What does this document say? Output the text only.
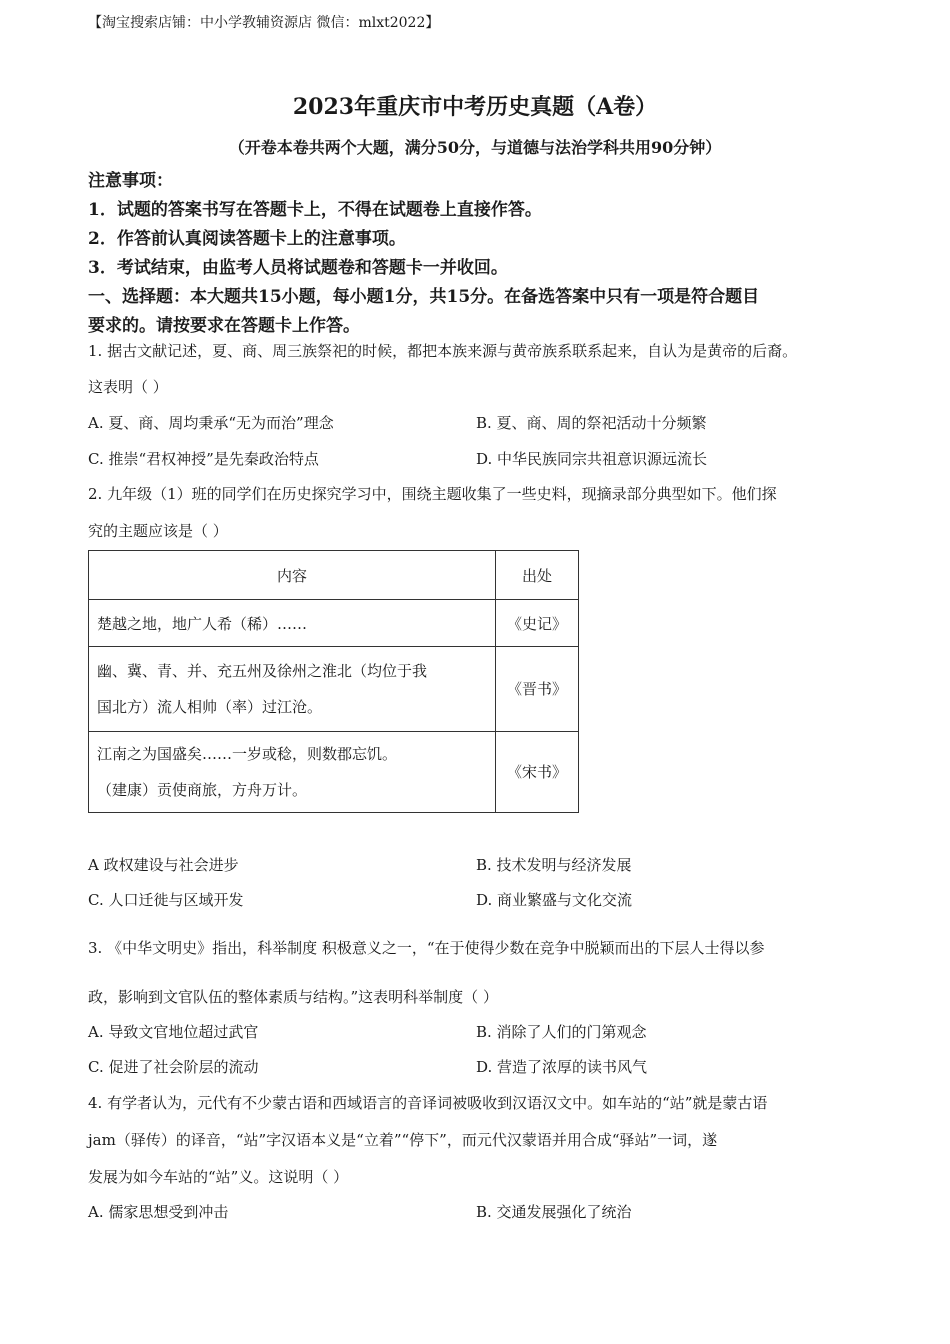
【淘宝搜索店铺：中小学教辅资源店 微信：mlxt2022】
2023年重庆市中考历史真题（A卷）
（开卷本卷共两个大题，满分50分，与道德与法治学科共用90分钟）
注意事项：
1．试题的答案书写在答题卡上，不得在试题卷上直接作答。
2．作答前认真阅读答题卡上的注意事项。
3．考试结束，由监考人员将试题卷和答题卡一并收回。
一、选择题：本大题共15小题，每小题1分，共15分。在备选答案中只有一项是符合题目
要求的。请按要求在答题卡上作答。
1. 据古文献记述，夏、商、周三族祭祀的时候，都把本族来源与黄帝族系联系起来，自认为是黄帝的后裔。
这表明（ ）
A. 夏、商、周均秉承“无为而治”理念	B. 夏、商、周的祭祀活动十分频繁
C. 推崇“君权神授”是先秦政治特点	D. 中华民族同宗共祖意识源远流长
2. 九年级（1）班的同学们在历史探究学习中，围绕主题收集了一些史料，现摘录部分典型如下。他们探
究的主题应该是（ ）
内容	出处

楚越之地，地广人希（稀）……	《史记》

幽、冀、青、并、充五州及徐州之淮北（均位于我
国北方）流人相帅（率）过江沧。	《晋书》

江南之为国盛矣……一岁或稔，则数郡忘饥。
（建康）贡使商旅，方舟万计。	《宋书》
A 政权建设与社会进步	B. 技术发明与经济发展
C. 人口迁徙与区域开发	D. 商业繁盛与文化交流
3. 《中华文明史》指出，科举制度 积极意义之一，“在于使得少数在竞争中脱颖而出的下层人士得以参
政，影响到文官队伍的整体素质与结构。”这表明科举制度（ ）
A. 导致文官地位超过武官	B. 消除了人们的门第观念
C. 促进了社会阶层的流动	D. 营造了浓厚的读书风气
4. 有学者认为，元代有不少蒙古语和西域语言的音译词被吸收到汉语汉文中。如车站的“站”就是蒙古语
jam（驿传）的译音，“站”字汉语本义是“立着”“停下”，而元代汉蒙语并用合成“驿站”一词，遂
发展为如今车站的“站”义。这说明（ ）
A. 儒家思想受到冲击	B. 交通发展强化了统治
